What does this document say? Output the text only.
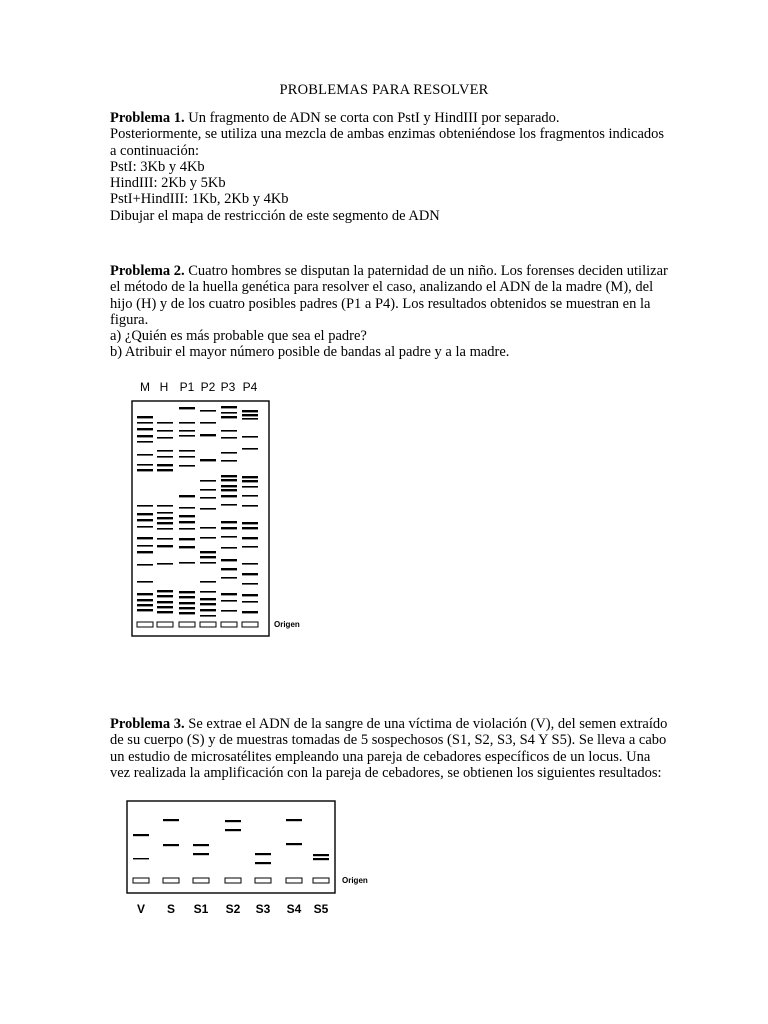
PROBLEMAS PARA RESOLVER

Problema 1. Un fragmento de ADN se corta con PstI y HindIII por separado.

Posteriormente, se utiliza una mezcla de ambas enzimas obteniéndose los fragmentos indicados

a continuación:

PstI: 3Kb y 4Kb

HindIII: 2Kb y 5Kb

PstI+HindIII: 1Kb, 2Kb y 4Kb

Dibujar el mapa de restricción de este segmento de ADN

Problema 2. Cuatro hombres se disputan la paternidad de un niño. Los forenses deciden utilizar

el método de la huella genética para resolver el caso, analizando el ADN de la madre (M), del

hijo (H) y de los cuatro posibles padres (P1 a P4). Los resultados obtenidos se muestran en la

figura.

a) ¿Quién es más probable que sea el padre?

b) Atribuir el mayor número posible de bandas al padre y a la madre.

M H P1 P2 P3 P4
Origen

Problema 3. Se extrae el ADN de la sangre de una víctima de violación (V), del semen extraído

de su cuerpo (S) y de muestras tomadas de 5 sospechosos (S1, S2, S3, S4 Y S5). Se lleva a cabo

un estudio de microsatélites empleando una pareja de cebadores específicos de un locus. Una

vez realizada la amplificación con la pareja de cebadores, se obtienen los siguientes resultados:

Origen
V S S1 S2 S3 S4 S5
